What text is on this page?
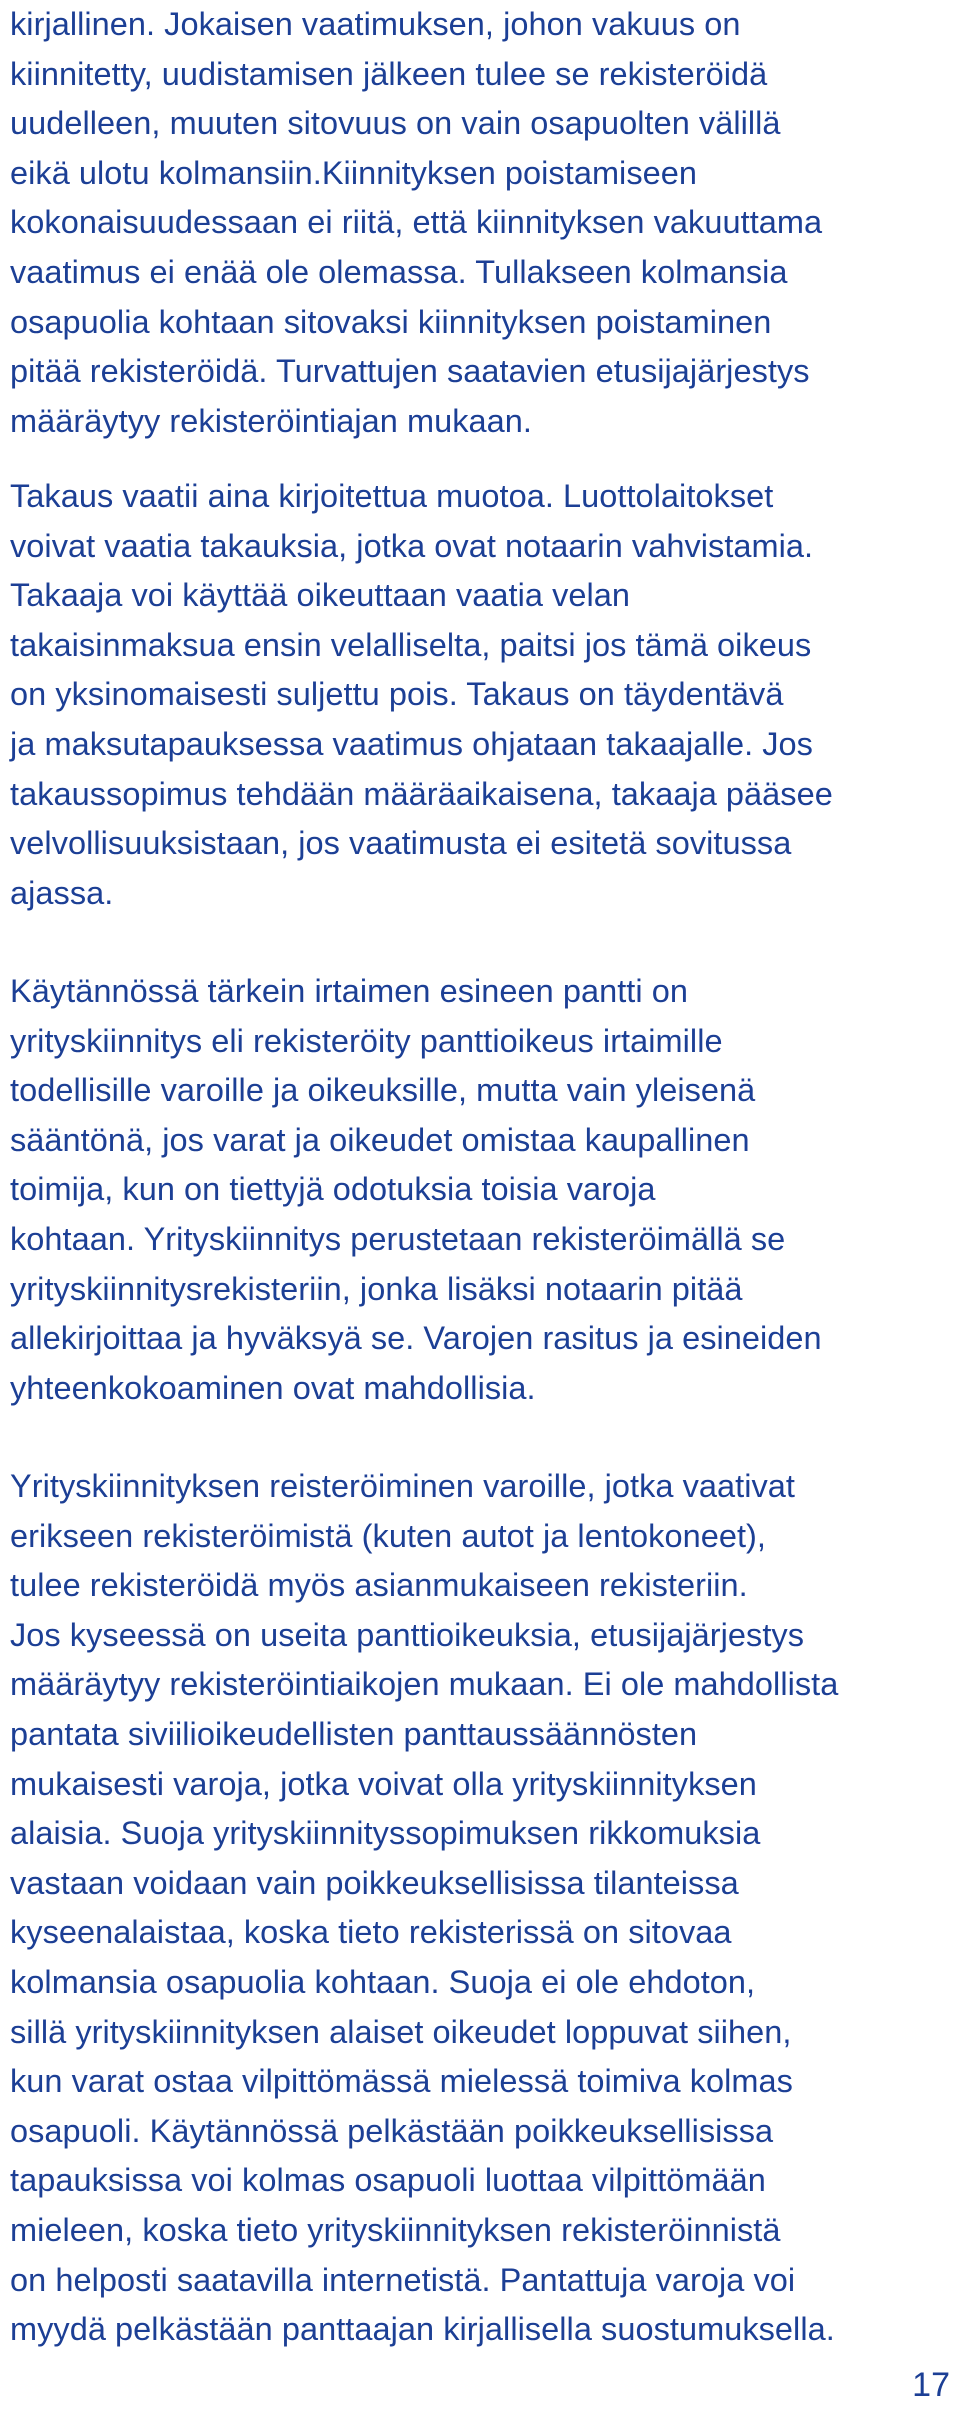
kirjallinen. Jokaisen vaatimuksen, johon vakuus on
kiinnitetty, uudistamisen jälkeen tulee se rekisteröidä
uudelleen, muuten sitovuus on vain osapuolten välillä
eikä ulotu kolmansiin.Kiinnityksen poistamiseen
kokonaisuudessaan ei riitä, että kiinnityksen vakuuttama
vaatimus ei enää ole olemassa. Tullakseen kolmansia
osapuolia kohtaan sitovaksi kiinnityksen poistaminen
pitää rekisteröidä. Turvattujen saatavien etusijajärjestys
määräytyy rekisteröintiajan mukaan.
Takaus vaatii aina kirjoitettua muotoa. Luottolaitokset
voivat vaatia takauksia, jotka ovat notaarin vahvistamia.
Takaaja voi käyttää oikeuttaan vaatia velan
takaisinmaksua ensin velalliselta, paitsi jos tämä oikeus
on yksinomaisesti suljettu pois. Takaus on täydentävä
ja maksutapauksessa vaatimus ohjataan takaajalle. Jos
takaussopimus tehdään määräaikaisena, takaaja pääsee
velvollisuuksistaan, jos vaatimusta ei esitetä sovitussa
ajassa.
Käytännössä tärkein irtaimen esineen pantti on
yrityskiinnitys eli rekisteröity panttioikeus irtaimille
todellisille varoille ja oikeuksille, mutta vain yleisenä
sääntönä, jos varat ja oikeudet omistaa kaupallinen
toimija, kun on tiettyjä odotuksia toisia varoja
kohtaan. Yrityskiinnitys perustetaan rekisteröimällä se
yrityskiinnitysrekisteriin, jonka lisäksi notaarin pitää
allekirjoittaa ja hyväksyä se. Varojen rasitus ja esineiden
yhteenkokoaminen ovat mahdollisia.
Yrityskiinnityksen reisteröiminen varoille, jotka vaativat
erikseen rekisteröimistä (kuten autot ja lentokoneet),
tulee rekisteröidä myös asianmukaiseen rekisteriin.
Jos kyseessä on useita panttioikeuksia, etusijajärjestys
määräytyy rekisteröintiaikojen mukaan. Ei ole mahdollista
pantata siviilioikeudellisten panttaussäännösten
mukaisesti varoja, jotka voivat olla yrityskiinnityksen
alaisia. Suoja yrityskiinnityssopimuksen rikkomuksia
vastaan voidaan vain poikkeuksellisissa tilanteissa
kyseenalaistaa, koska tieto rekisterissä on sitovaa
kolmansia osapuolia kohtaan. Suoja ei ole ehdoton,
sillä yrityskiinnityksen alaiset oikeudet loppuvat siihen,
kun varat ostaa vilpittömässä mielessä toimiva kolmas
osapuoli. Käytännössä pelkästään poikkeuksellisissa
tapauksissa voi kolmas osapuoli luottaa vilpittömään
mieleen, koska tieto yrityskiinnityksen rekisteröinnistä
on helposti saatavilla internetistä. Pantattuja varoja voi
myydä pelkästään panttaajan kirjallisella suostumuksella.
17
